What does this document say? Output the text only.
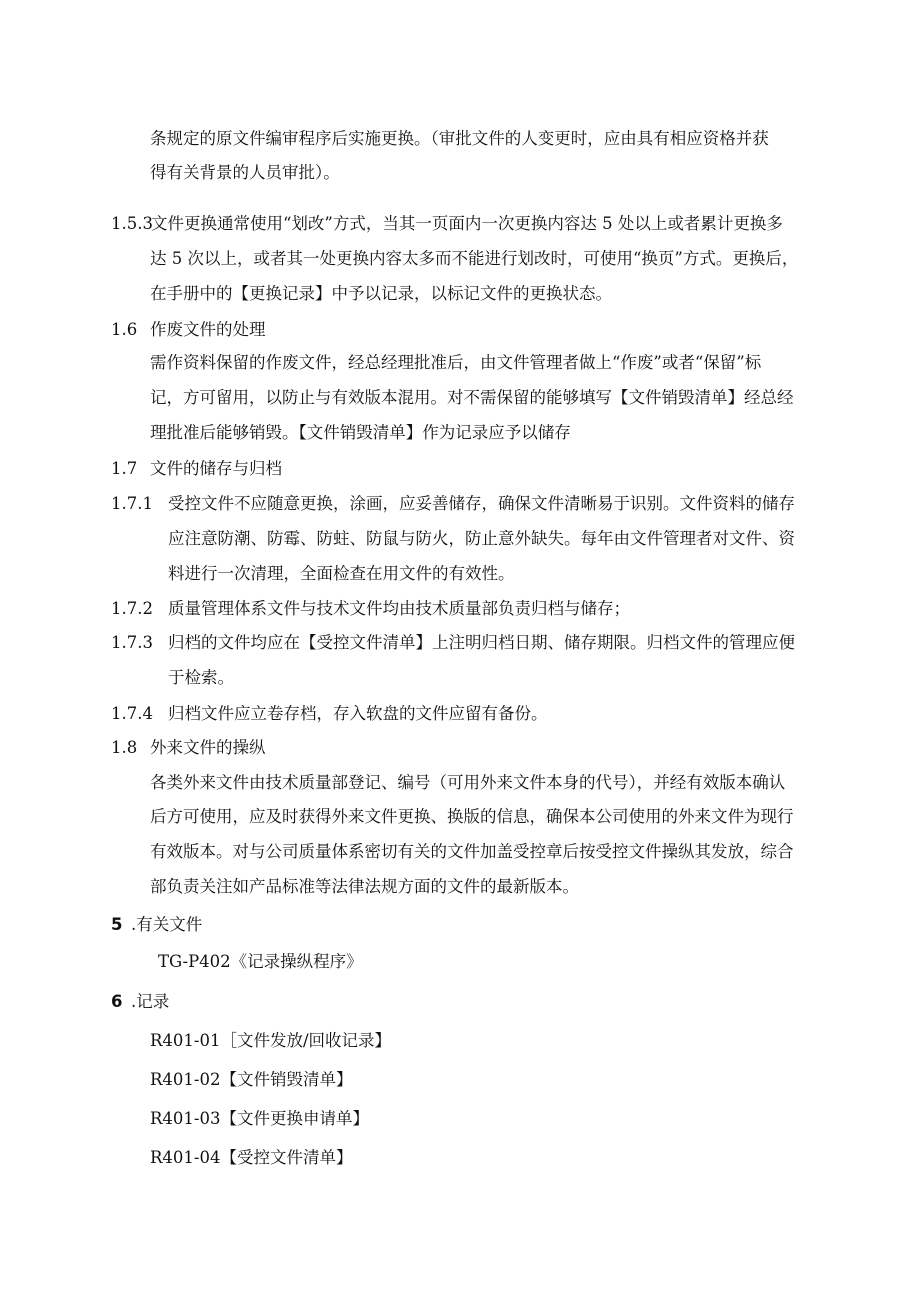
条规定的原文件编审程序后实施更换。（审批文件的人变更时，应由具有相应资格并获
得有关背景的人员审批）。
1.5.3
文件更换通常使用“划改”方式，当其一页面内一次更换内容达 5 处以上或者累计更换多
达 5 次以上，或者其一处更换内容太多而不能进行划改时，可使用“换页”方式。更换后，
在手册中的【更换记录】中予以记录，以标记文件的更换状态。
1.6 作废文件的处理
需作资料保留的作废文件，经总经理批准后，由文件管理者做上“作废”或者“保留”标
记，方可留用，以防止与有效版本混用。对不需保留的能够填写【文件销毁清单】经总经
理批准后能够销毁。【文件销毁清单】作为记录应予以储存
1.7 文件的储存与归档
1.7.1 受控文件不应随意更换，涂画，应妥善储存，确保文件清晰易于识别。文件资料的储存
应注意防潮、防霉、防蛀、防鼠与防火，防止意外缺失。每年由文件管理者对文件、资
料进行一次清理，全面检查在用文件的有效性。
1.7.2 质量管理体系文件与技术文件均由技术质量部负责归档与储存；
1.7.3 归档的文件均应在【受控文件清单】上注明归档日期、储存期限。归档文件的管理应便
于检索。
1.7.4 归档文件应立卷存档，存入软盘的文件应留有备份。
1.8 外来文件的操纵
各类外来文件由技术质量部登记、编号（可用外来文件本身的代号），并经有效版本确认
后方可使用，应及时获得外来文件更换、换版的信息，确保本公司使用的外来文件为现行
有效版本。对与公司质量体系密切有关的文件加盖受控章后按受控文件操纵其发放，综合
部负责关注如产品标准等法律法规方面的文件的最新版本。
5 .有关文件
TG-P402《记录操纵程序》
6 .记录
R401-01［文件发放/回收记录】
R401-02【文件销毁清单】
R401-03【文件更换申请单】
R401-04【受控文件清单】
